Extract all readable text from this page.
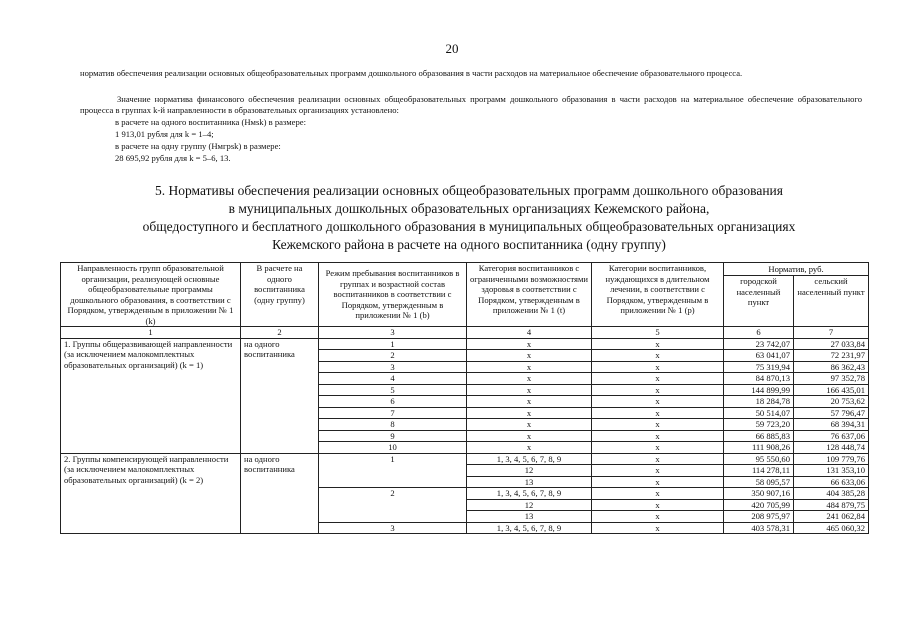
20
норматив обеспечения реализации основных общеобразовательных программ дошкольного образования в части расходов на материальное обеспечение образовательного процесса.
Значение норматива финансового обеспечения реализации основных общеобразовательных программ дошкольного образования в части расходов на материальное обеспечение образовательного процесса в группах k-й направленности в образовательных организациях установлено:
в расчете на одного воспитанника (Нмsk) в размере:
1 913,01 рубля для k = 1–4;
в расчете на одну группу (Нмгрsk) в размере:
28 695,92 рубля для k = 5–6, 13.
5. Нормативы обеспечения реализации основных общеобразовательных программ дошкольного образования
в муниципальных дошкольных образовательных организациях Кежемского района,
общедоступного и бесплатного дошкольного образования в муниципальных общеобразовательных организациях
Кежемского района в расчете на одного воспитанника (одну группу)
Направленность групп образовательной организации, реализующей основные общеобразовательные программы дошкольного образования, в соответствии с Порядком, утвержденным в приложении № 1 (k)	В расчете на одного воспитанника (одну группу)	Режим пребывания воспитанников в группах и возрастной состав воспитанников в соответствии с Порядком, утвержденным в приложении № 1 (b)	Категория воспитанников с ограниченными возможностями здоровья в соответствии с Порядком, утвержденным в приложении № 1 (t)	Категории воспитанников, нуждающихся в длительном лечении, в соответствии с Порядком, утвержденным в приложении № 1 (p)	Норматив, руб.	
					городской населенный пункт	сельский населенный пункт
1	2	3	4	5	6	7
1. Группы общеразвивающей направленности (за исключением малокомплектных образовательных организаций) (k = 1)	на одного воспитанника	1	x	x	23 742,07	27 033,84
		2	x	x	63 041,07	72 231,97
		3	x	x	75 319,94	86 362,43
		4	x	x	84 870,13	97 352,78
		5	x	x	144 899,99	166 435,01
		6	x	x	18 284,78	20 753,62
		7	x	x	50 514,07	57 796,47
		8	x	x	59 723,20	68 394,31
		9	x	x	66 885,83	76 637,06
		10	x	x	111 908,26	128 448,74
2. Группы компенсирующей направленности (за исключением малокомплектных образовательных организаций) (k = 2)	на одного воспитанника	1	1, 3, 4, 5, 6, 7, 8, 9	x	95 550,60	109 779,76
			12	x	114 278,11	131 353,10
			13	x	58 095,57	66 633,06
		2	1, 3, 4, 5, 6, 7, 8, 9	x	350 907,16	404 385,28
			12	x	420 705,99	484 879,75
			13	x	208 975,97	241 062,84
		3	1, 3, 4, 5, 6, 7, 8, 9	x	403 578,31	465 060,32
